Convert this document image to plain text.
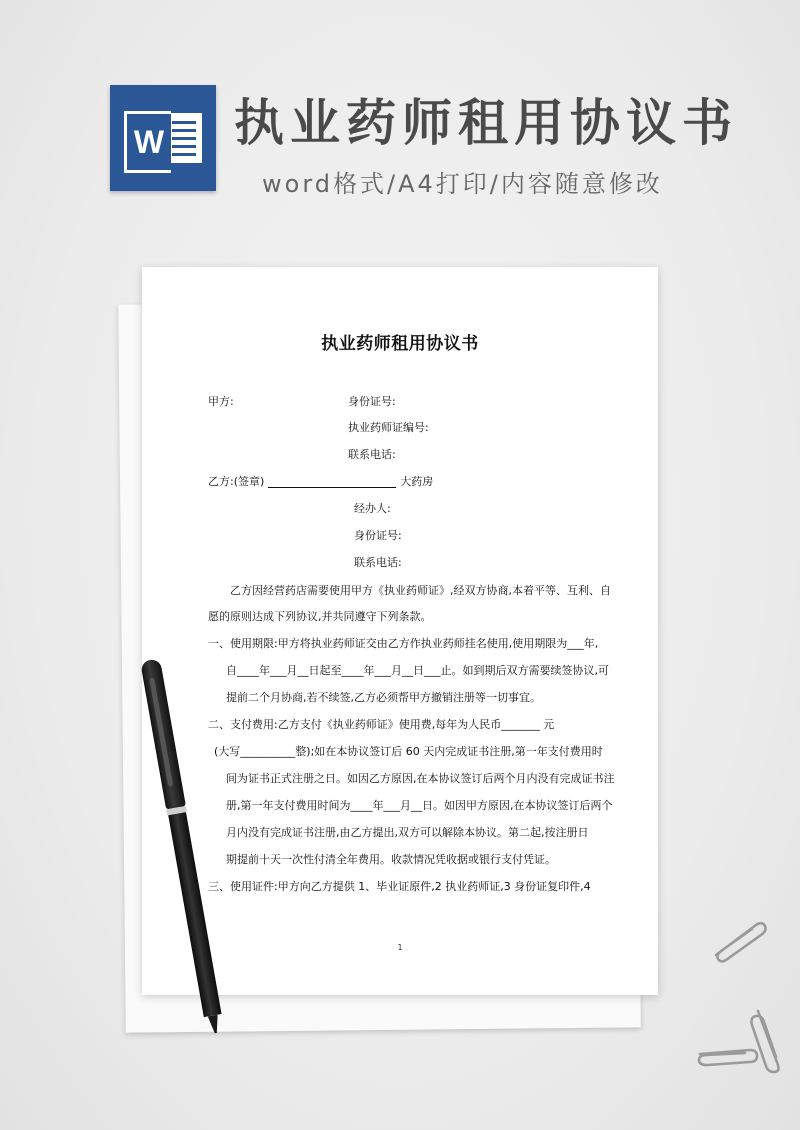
W 执业药师租用协议书
word格式/A4打印/内容随意修改
执业药师租用协议书
甲方:	身份证号:
执业药师证编号:
联系电话:
乙方:(签章)	大药房
经办人:
身份证号:
联系电话:
乙方因经营药店需要使用甲方《执业药师证》,经双方协商,本着平等、互利、自
愿的原则达成下列协议,并共同遵守下列条款。
一、使用期限:甲方将执业药师证交由乙方作执业药师挂名使用,使用期限为___年,
自____年___月__日起至____年___月__日___止。如到期后双方需要续签协议,可
提前二个月协商,若不续签,乙方必须帮甲方撤销注册等一切事宜。
二、支付费用:乙方支付《执业药师证》使用费,每年为人民币_______ 元
(大写__________整);如在本协议签订后 60 天内完成证书注册,第一年支付费用时
间为证书正式注册之日。如因乙方原因,在本协议签订后两个月内没有完成证书注
册,第一年支付费用时间为____年___月__日。如因甲方原因,在本协议签订后两个
月内没有完成证书注册,由乙方提出,双方可以解除本协议。第二起,按注册日
期提前十天一次性付清全年费用。收款情况凭收据或银行支付凭证。
三、使用证件:甲方向乙方提供 1、毕业证原件,2 执业药师证,3 身份证复印件,4
1
